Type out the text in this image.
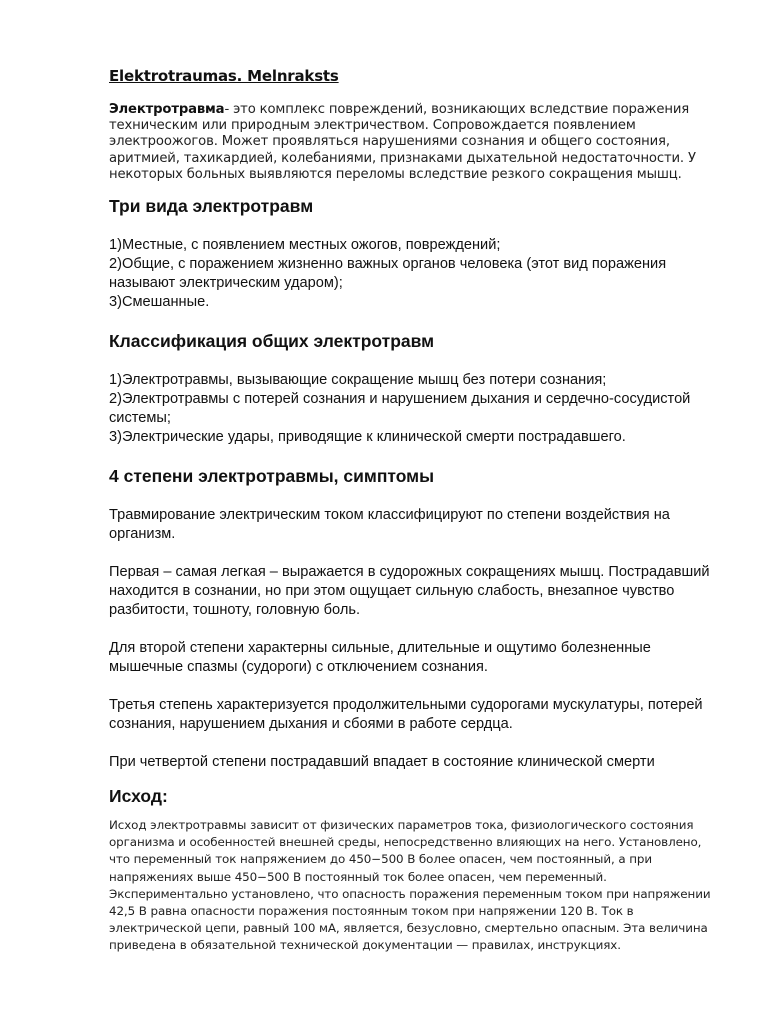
Elektrotraumas. Melnraksts

Электротравма- это комплекс повреждений, возникающих вследствие поражения техническим или природным электричеством. Сопровождается появлением электроожогов. Может проявляться нарушениями сознания и общего состояния, аритмией, тахикардией, колебаниями, признаками дыхательной недостаточности. У некоторых больных выявляются переломы вследствие резкого сокращения мышц.

Три вида электротравм
1)Местные, с появлением местных ожогов, повреждений;
2)Общие, с поражением жизненно важных органов человека (этот вид поражения называют электрическим ударом);
3)Смешанные.
Классификация общих электротравм
1)Электротравмы, вызывающие сокращение мышц без потери сознания;
2)Электротравмы с потерей сознания и нарушением дыхания и сердечно-сосудистой системы;
3)Электрические удары, приводящие к клинической смерти пострадавшего.
4 степени электротравмы, симптомы

Травмирование электрическим током классифицируют по степени воздействия на организм.

Первая – самая легкая – выражается в судорожных сокращениях мышц. Пострадавший находится в сознании, но при этом ощущает сильную слабость, внезапное чувство разбитости, тошноту, головную боль.

Для второй степени характерны сильные, длительные и ощутимо болезненные мышечные спазмы (судороги) с отключением сознания.

Третья степень характеризуется продолжительными судорогами мускулатуры, потерей сознания, нарушением дыхания и сбоями в работе сердца.

При четвертой степени пострадавший впадает в состояние клинической смерти

Исход:

Исход электротравмы зависит от физических параметров тока, физиологического состояния организма и особенностей внешней среды, непосредственно влияющих на него. Установлено, что переменный ток напряжением до 450−500 В более опасен, чем постоянный, а при напряжениях выше 450−500 В постоянный ток более опасен, чем переменный. Экспериментально установлено, что опасность поражения переменным током при напряжении 42,5 В равна опасности поражения постоянным током при напряжении 120 В. Ток в электрической цепи, равный 100 мА, является, безусловно, смертельно опасным. Эта величина приведена в обязательной технической документации — правилах, инструкциях.
